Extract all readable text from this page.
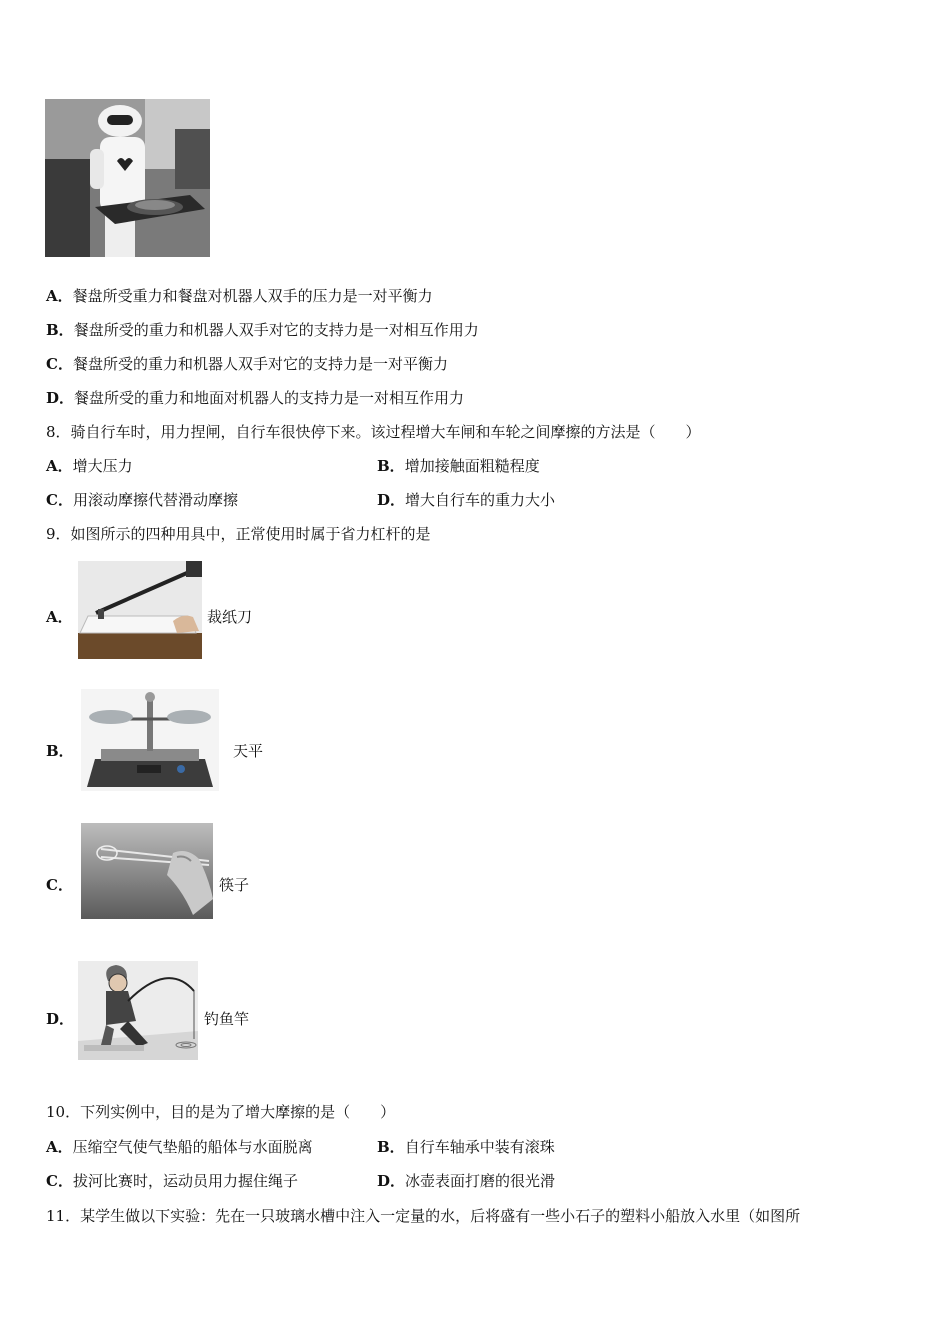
A．餐盘所受重力和餐盘对机器人双手的压力是一对平衡力
B．餐盘所受的重力和机器人双手对它的支持力是一对相互作用力
C．餐盘所受的重力和机器人双手对它的支持力是一对平衡力
D．餐盘所受的重力和地面对机器人的支持力是一对相互作用力
8．骑自行车时，用力捏闸，自行车很快停下来。该过程增大车闸和车轮之间摩擦的方法是（　　）
A．增大压力	B．增加接触面粗糙程度
C．用滚动摩擦代替滑动摩擦	D．增大自行车的重力大小
9．如图所示的四种用具中，正常使用时属于省力杠杆的是
A．	裁纸刀
B．	天平
C．	筷子
D．	钓鱼竿
10．下列实例中，目的是为了增大摩擦的是（　　）
A．压缩空气使气垫船的船体与水面脱离	B．自行车轴承中装有滚珠
C．拔河比赛时，运动员用力握住绳子	D．冰壶表面打磨的很光滑
11．某学生做以下实验：先在一只玻璃水槽中注入一定量的水，后将盛有一些小石子的塑料小船放入水里（如图所
